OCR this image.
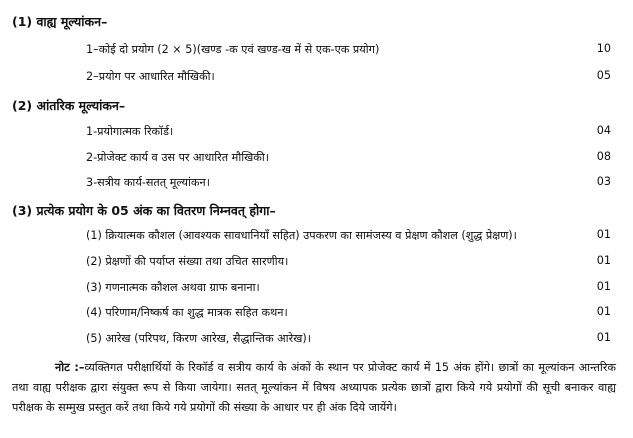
(1) वाह्य मूल्यांकन–
1–कोई दो प्रयोग (2 × 5)(खण्ड -क एवं खण्ड-ख में से एक-एक प्रयोग)	10
2–प्रयोग पर आधारित मौखिकी।	05
(2) आंतरिक मूल्यांकन–
1-प्रयोगात्मक रिकॉर्ड।	04
2-प्रोजेक्ट कार्य व उस पर आधारित मौखिकी।	08
3-सत्रीय कार्य-सतत् मूल्यांकन।	03
(3) प्रत्येक प्रयोग के 05 अंक का वितरण निम्नवत् होगा–
(1) क्रियात्मक कौशल (आवश्यक सावधानियाँ सहित) उपकरण का सामंजस्य व प्रेक्षण कौशल (शुद्ध प्रेक्षण)।	01
(2) प्रेक्षणों की पर्याप्त संख्या तथा उचित सारणीय।	01
(3) गणनात्मक कौशल अथवा ग्राफ बनाना।	01
(4) परिणाम/निष्कर्ष का शुद्ध मात्रक सहित कथन।	01
(5) आरेख (परिपथ, किरण आरेख, सैद्धान्तिक आरेख)।	01
नोट :–व्यक्तिगत परीक्षार्थियों के रिकॉर्ड व सत्रीय कार्य के अंकों के स्थान पर प्रोजेक्ट कार्य में 15 अंक होंगे। छात्रों का मूल्यांकन आन्तरिक तथा वाह्य परीक्षक द्वारा संयुक्त रूप से किया जायेगा। सतत् मूल्यांकन में विषय अध्यापक प्रत्येक छात्रों द्वारा किये गये प्रयोगों की सूची बनाकर वाह्य परीक्षक के सम्मुख प्रस्तुत करें तथा किये गये प्रयोगों की संख्या के आधार पर ही अंक दिये जायेंगे।
